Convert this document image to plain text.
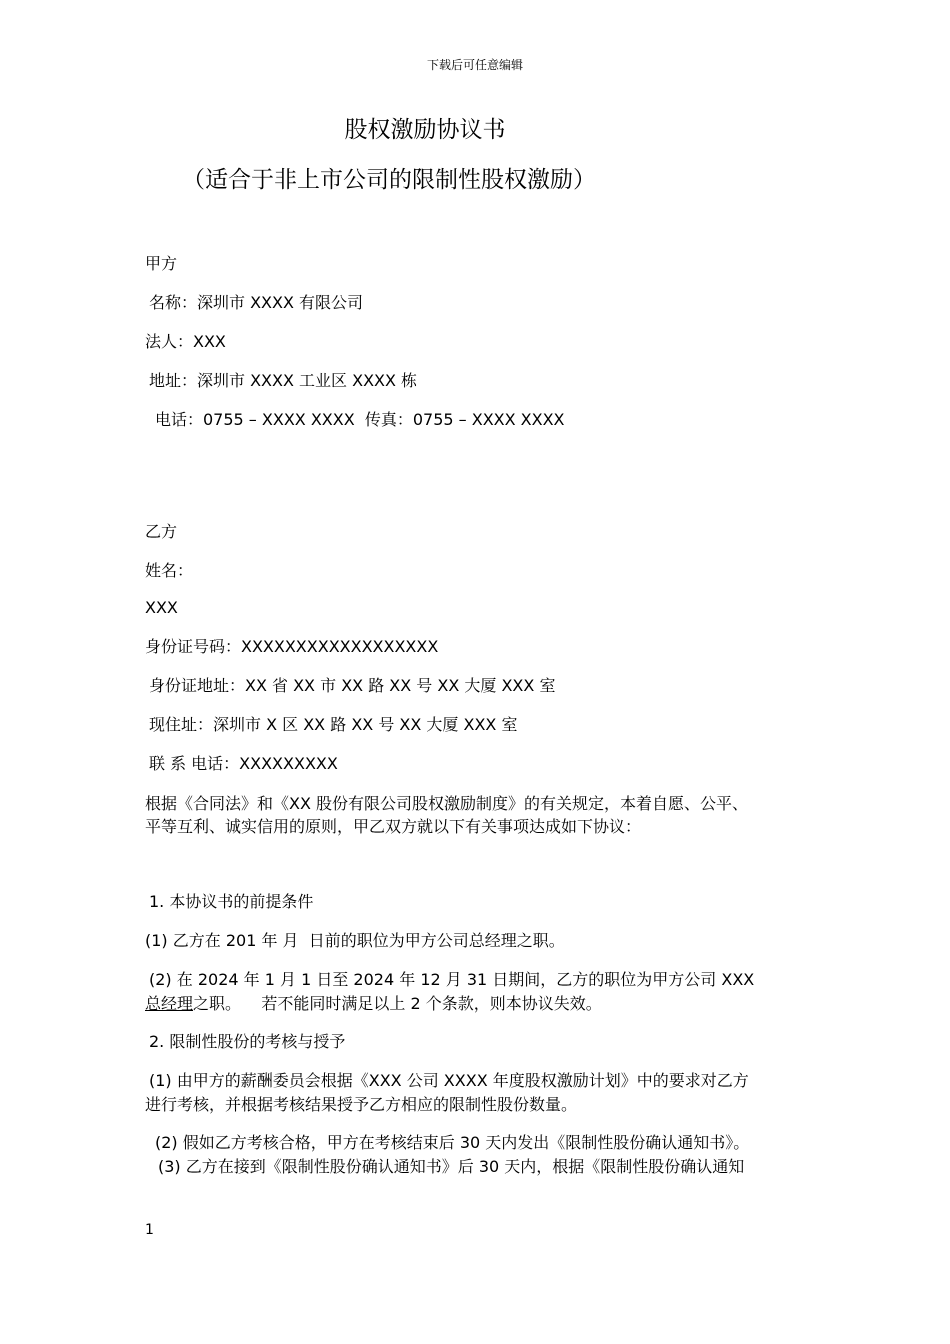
下载后可任意编辑
股权激励协议书
（适合于非上市公司的限制性股权激励）
甲方
名称：深圳市 XXXX 有限公司
法人：XXX
地址：深圳市 XXXX 工业区 XXXX 栋
电话：0755 – XXXX XXXX  传真：0755 – XXXX XXXX
乙方
姓名：
XXX
身份证号码：XXXXXXXXXXXXXXXXXX
身份证地址：XX 省 XX 市 XX 路 XX 号 XX 大厦 XXX 室
现住址：深圳市 X 区 XX 路 XX 号 XX 大厦 XXX 室
联 系 电话：XXXXXXXXX
根据《合同法》和《XX 股份有限公司股权激励制度》的有关规定，本着自愿、公平、
平等互利、诚实信用的原则，甲乙双方就以下有关事项达成如下协议：
1. 本协议书的前提条件
(1) 乙方在 201 年 月  日前的职位为甲方公司总经理之职。
(2) 在 2024 年 1 月 1 日至 2024 年 12 月 31 日期间，乙方的职位为甲方公司 XXX
总经理之职。    若不能同时满足以上 2 个条款，则本协议失效。
2. 限制性股份的考核与授予
(1) 由甲方的薪酬委员会根据《XXX 公司 XXXX 年度股权激励计划》中的要求对乙方
进行考核，并根据考核结果授予乙方相应的限制性股份数量。
(2) 假如乙方考核合格，甲方在考核结束后 30 天内发出《限制性股份确认通知书》。
(3) 乙方在接到《限制性股份确认通知书》后 30 天内，根据《限制性股份确认通知
1
